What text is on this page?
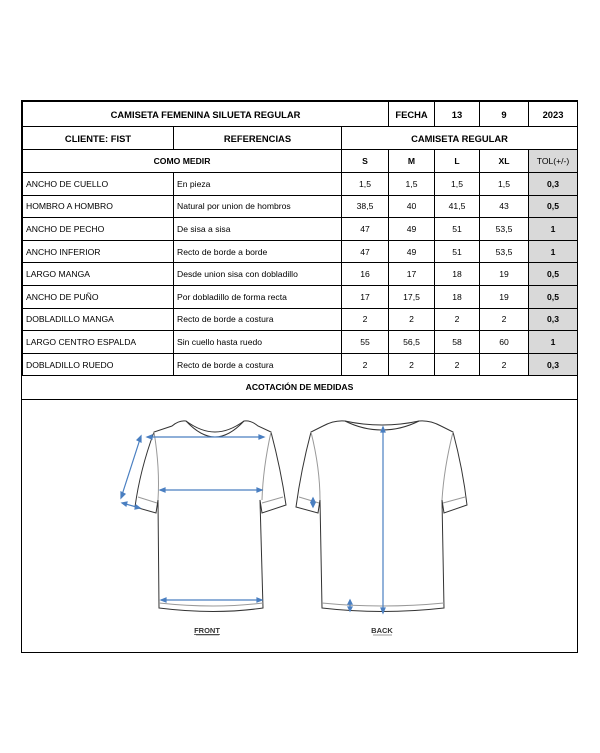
CAMISETA FEMENINA SILUETA REGULAR			FECHA	13	9	2023
CLIENTE: FIST	REFERENCIAS	CAMISETA REGULAR				
COMO MEDIR		S	M	L	XL	TOL(+/-)
ANCHO DE CUELLO	En pieza	1,5	1,5	1,5	1,5	0,3
HOMBRO A HOMBRO	Natural por union de hombros	38,5	40	41,5	43	0,5
ANCHO DE PECHO	De sisa a sisa	47	49	51	53,5	1
ANCHO INFERIOR	Recto de borde a borde	47	49	51	53,5	1
LARGO MANGA	Desde union sisa con dobladillo	16	17	18	19	0,5
ANCHO DE PUÑO	Por dobladillo de forma recta	17	17,5	18	19	0,5
DOBLADILLO MANGA	Recto de borde a costura	2	2	2	2	0,3
LARGO CENTRO ESPALDA	Sin cuello hasta ruedo	55	56,5	58	60	1
DOBLADILLO RUEDO	Recto de borde a costura	2	2	2	2	0,3
ACOTACIÓN DE MEDIDAS
FRONT	BACK
